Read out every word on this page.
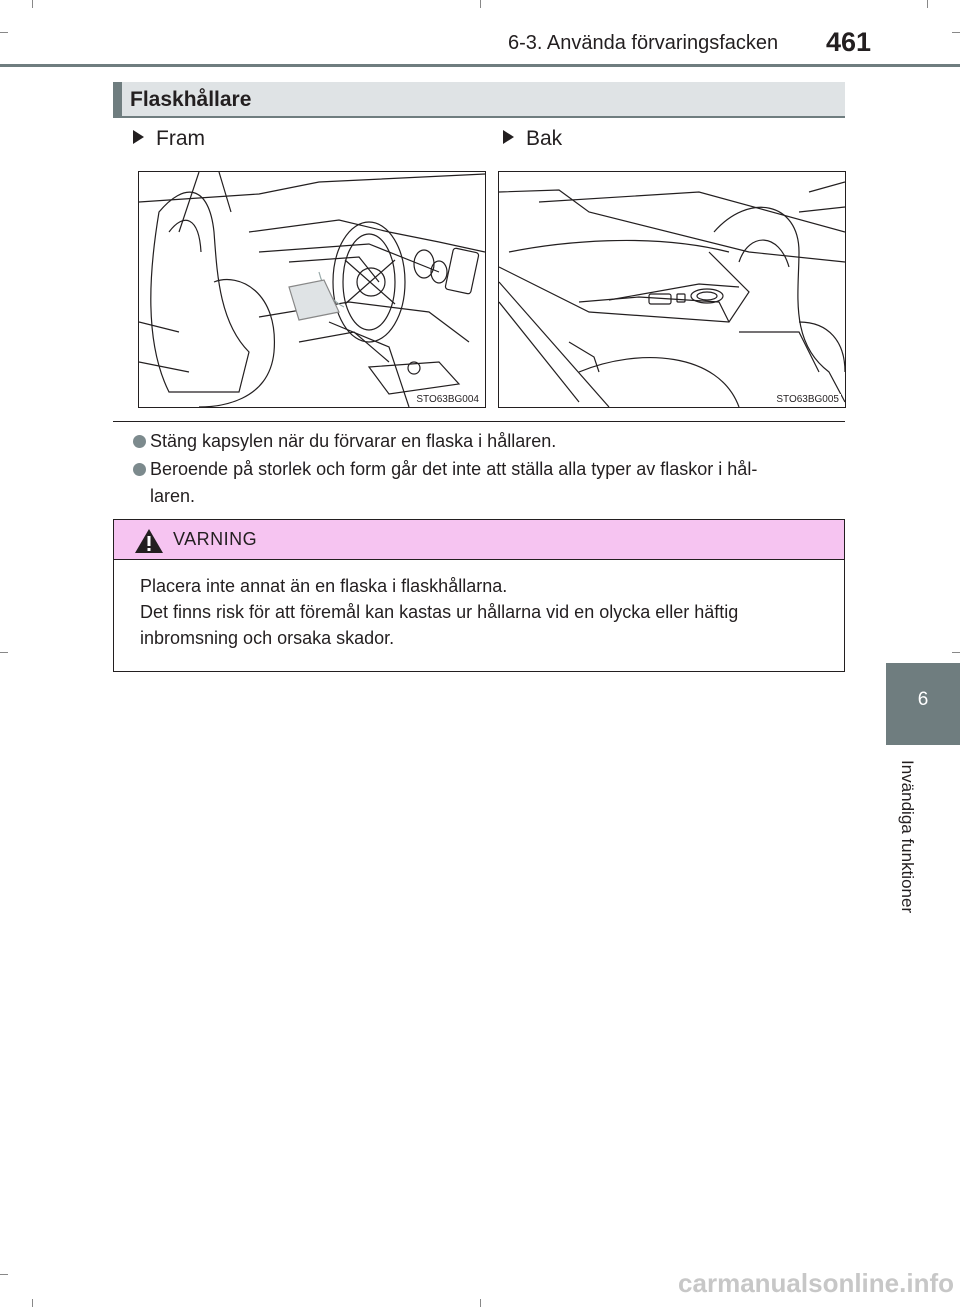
6-3. Använda förvaringsfacken 461
6
Invändiga funktioner
Flaskhållare
Fram	Bak
STO63BG004	STO63BG005
Stäng kapsylen när du förvarar en flaska i hållaren.
Beroende på storlek och form går det inte att ställa alla typer av flaskor i hål-
laren.
VARNING
Placera inte annat än en flaska i flaskhållarna.
Det finns risk för att föremål kan kastas ur hållarna vid en olycka eller häftig
inbromsning och orsaka skador.
carmanualsonline.info
